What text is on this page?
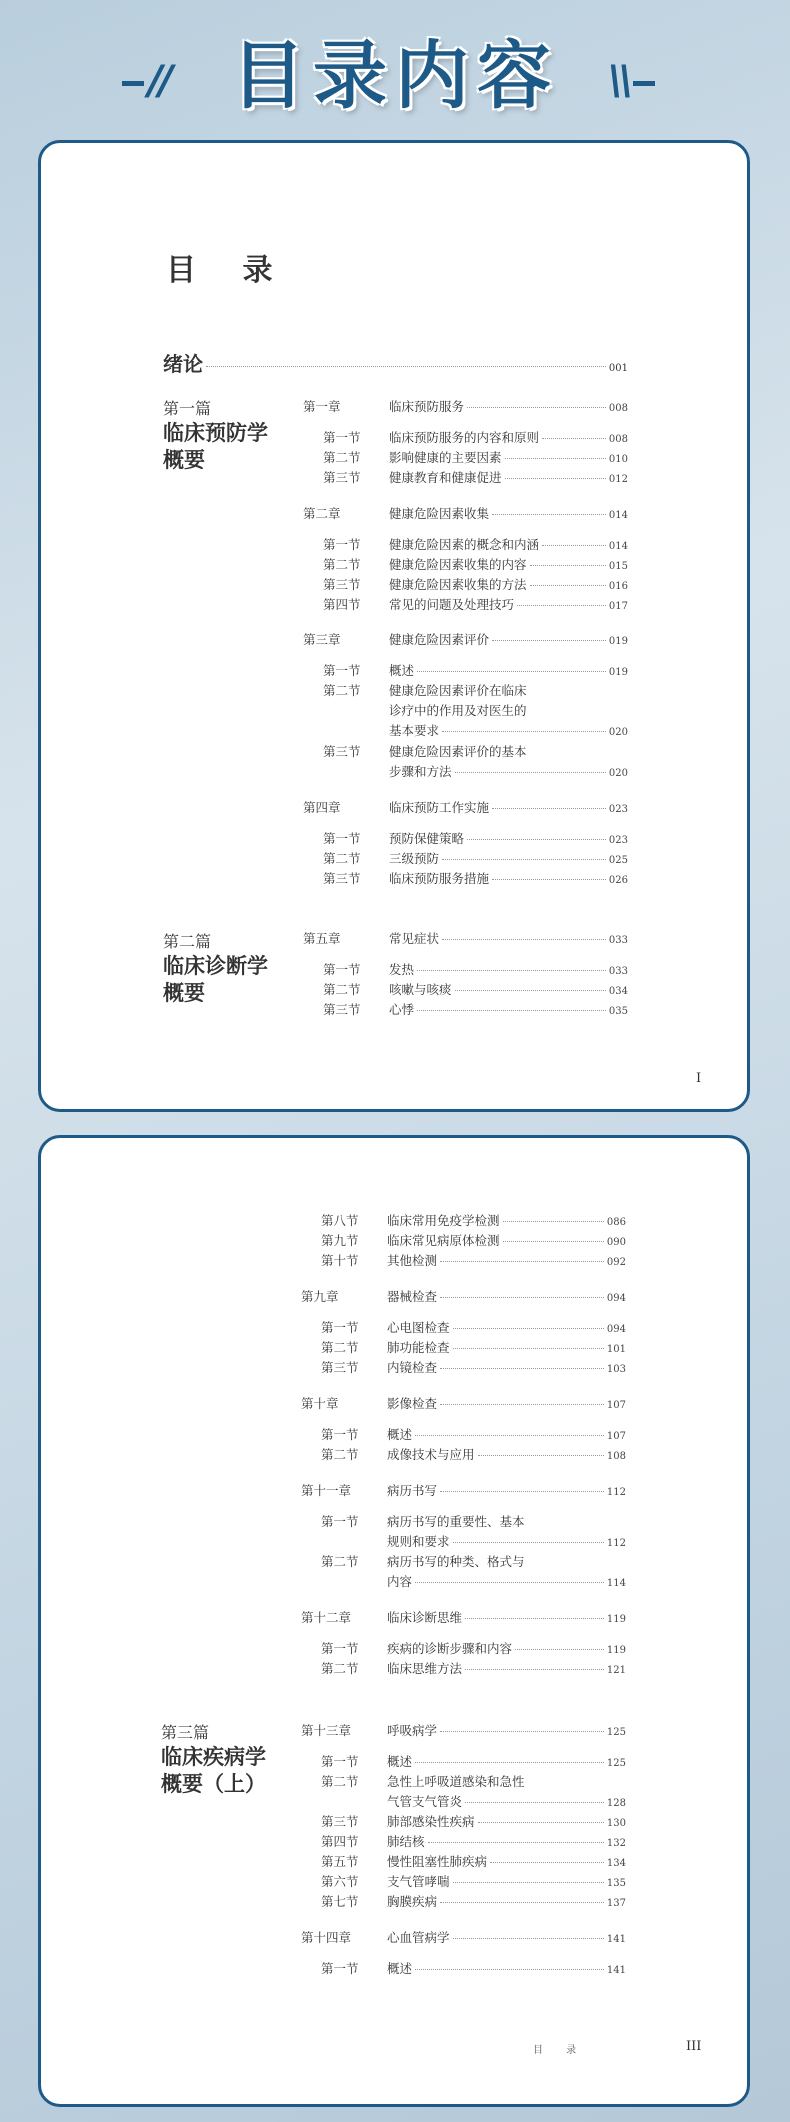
// 目录内容 \\
目 录
绪论	001
第一篇
临床预防学
概要
第一章	临床预防服务	008
第一节	临床预防服务的内容和原则	008
第二节	影响健康的主要因素	010
第三节	健康教育和健康促进	012
第二章	健康危险因素收集	014
第一节	健康危险因素的概念和内涵	014
第二节	健康危险因素收集的内容	015
第三节	健康危险因素收集的方法	016
第四节	常见的问题及处理技巧	017
第三章	健康危险因素评价	019
第一节	概述	019
第二节 健康危险因素评价在临床
诊疗中的作用及对医生的
基本要求	020
第三节 健康危险因素评价的基本
步骤和方法	020
第四章	临床预防工作实施	023
第一节	预防保健策略	023
第二节	三级预防	025
第三节	临床预防服务措施	026
第二篇
临床诊断学
概要
第五章	常见症状	033
第一节	发热	033
第二节	咳嗽与咳痰	034
第三节	心悸	035
I
第八节	临床常用免疫学检测	086
第九节	临床常见病原体检测	090
第十节	其他检测	092
第九章	器械检查	094
第一节	心电图检查	094
第二节	肺功能检查	101
第三节	内镜检查	103
第十章	影像检查	107
第一节	概述	107
第二节	成像技术与应用	108
第十一章	病历书写	112
第一节 病历书写的重要性、基本
规则和要求	112
第二节 病历书写的种类、格式与
内容	114
第十二章	临床诊断思维	119
第一节	疾病的诊断步骤和内容	119
第二节	临床思维方法	121
第三篇
临床疾病学
概要（上）
第十三章	呼吸病学	125
第一节	概述	125
第二节 急性上呼吸道感染和急性
气管支气管炎	128
第三节	肺部感染性疾病	130
第四节	肺结核	132
第五节	慢性阻塞性肺疾病	134
第六节	支气管哮喘	135
第七节	胸膜疾病	137
第十四章	心血管病学	141
第一节	概述	141
目 录	III
